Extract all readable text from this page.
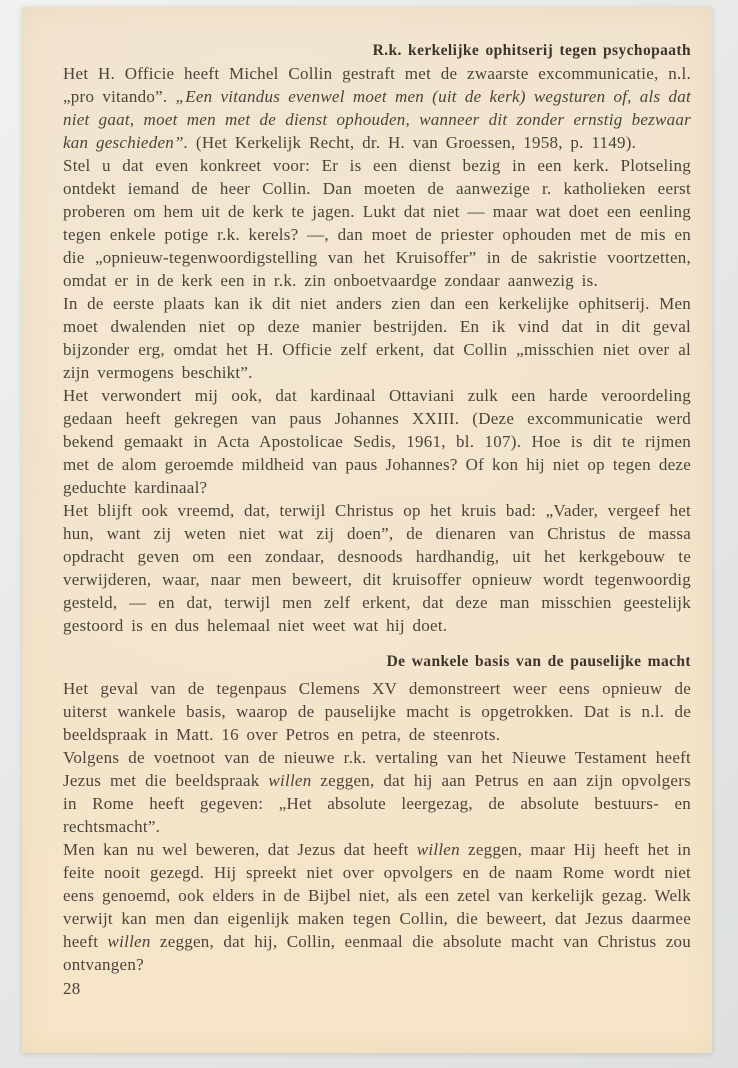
R.k. kerkelijke ophitserij tegen psychopaath

Het H. Officie heeft Michel Collin gestraft met de zwaarste excommunicatie, n.l. „pro vitando”. „Een vitandus evenwel moet men (uit de kerk) wegsturen of, als dat niet gaat, moet men met de dienst ophouden, wanneer dit zonder ernstig bezwaar kan geschieden”. (Het Kerkelijk Recht, dr. H. van Groessen, 1958, p. 1149).

Stel u dat even konkreet voor: Er is een dienst bezig in een kerk. Plotseling ontdekt iemand de heer Collin. Dan moeten de aanwezige r. katholieken eerst proberen om hem uit de kerk te jagen. Lukt dat niet — maar wat doet een eenling tegen enkele potige r.k. kerels? —, dan moet de priester ophouden met de mis en die „opnieuw-tegenwoordigstelling van het Kruisoffer” in de sakristie voortzetten, omdat er in de kerk een in r.k. zin onboetvaardge zondaar aanwezig is.

In de eerste plaats kan ik dit niet anders zien dan een kerkelijke ophitserij. Men moet dwalenden niet op deze manier bestrijden. En ik vind dat in dit geval bijzonder erg, omdat het H. Officie zelf erkent, dat Collin „misschien niet over al zijn vermogens beschikt”.

Het verwondert mij ook, dat kardinaal Ottaviani zulk een harde veroordeling gedaan heeft gekregen van paus Johannes XXIII. (Deze excommunicatie werd bekend gemaakt in Acta Apostolicae Sedis, 1961, bl. 107). Hoe is dit te rijmen met de alom geroemde mildheid van paus Johannes? Of kon hij niet op tegen deze geduchte kardinaal?

Het blijft ook vreemd, dat, terwijl Christus op het kruis bad: „Vader, vergeef het hun, want zij weten niet wat zij doen”, de dienaren van Christus de massa opdracht geven om een zondaar, desnoods hardhandig, uit het kerkgebouw te verwijderen, waar, naar men beweert, dit kruisoffer opnieuw wordt tegenwoordig gesteld, — en dat, terwijl men zelf erkent, dat deze man misschien geestelijk gestoord is en dus helemaal niet weet wat hij doet.

De wankele basis van de pauselijke macht

Het geval van de tegenpaus Clemens XV demonstreert weer eens opnieuw de uiterst wankele basis, waarop de pauselijke macht is opgetrokken. Dat is n.l. de beeldspraak in Matt. 16 over Petros en petra, de steenrots.

Volgens de voetnoot van de nieuwe r.k. vertaling van het Nieuwe Testament heeft Jezus met die beeldspraak willen zeggen, dat hij aan Petrus en aan zijn opvolgers in Rome heeft gegeven: „Het absolute leergezag, de absolute bestuurs- en rechtsmacht”.

Men kan nu wel beweren, dat Jezus dat heeft willen zeggen, maar Hij heeft het in feite nooit gezegd. Hij spreekt niet over opvolgers en de naam Rome wordt niet eens genoemd, ook elders in de Bijbel niet, als een zetel van kerkelijk gezag. Welk verwijt kan men dan eigenlijk maken tegen Collin, die beweert, dat Jezus daarmee heeft willen zeggen, dat hij, Collin, eenmaal die absolute macht van Christus zou ontvangen?

28
